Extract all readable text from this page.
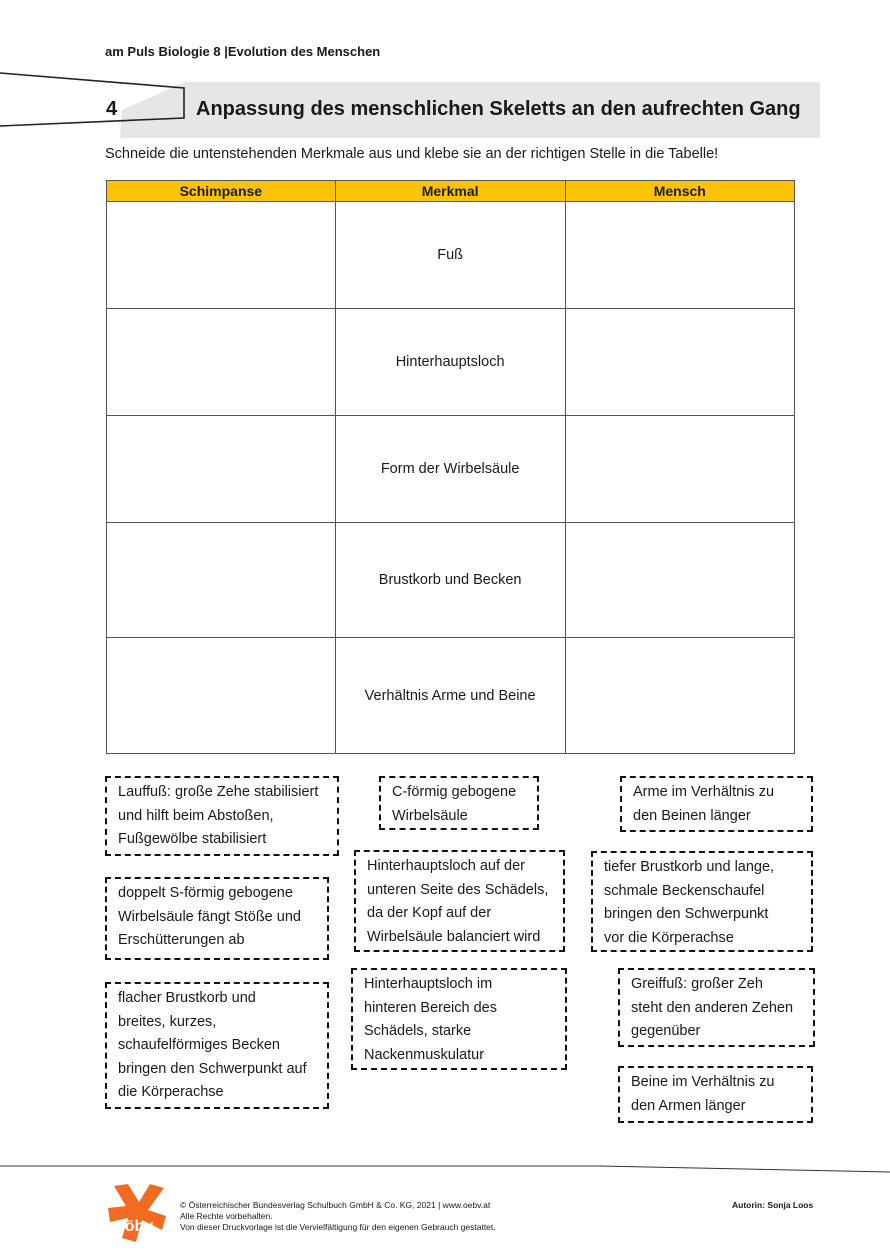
am Puls Biologie 8 |Evolution des Menschen
4	Anpassung des menschlichen Skeletts an den aufrechten Gang
Schneide die untenstehenden Merkmale aus und klebe sie an der richtigen Stelle in die Tabelle!
Schimpanse	Merkmal	Mensch
	Fuß	
	Hinterhauptsloch	
	Form der Wirbelsäule	
	Brustkorb und Becken	
	Verhältnis Arme und Beine	
Lauffuß: große Zehe stabilisiert
und hilft beim Abstoßen,
Fußgewölbe stabilisiert
C-förmig gebogene
Wirbelsäule
Arme im Verhältnis zu
den Beinen länger
Hinterhauptsloch auf der
unteren Seite des Schädels,
da der Kopf auf der
Wirbelsäule balanciert wird
tiefer Brustkorb und lange,
schmale Beckenschaufel
bringen den Schwerpunkt
vor die Körperachse
doppelt S-förmig gebogene
Wirbelsäule fängt Stöße und
Erschütterungen ab
Hinterhauptsloch im
hinteren Bereich des
Schädels, starke
Nackenmuskulatur
Greiffuß: großer Zeh
steht den anderen Zehen
gegenüber
flacher Brustkorb und
breites, kurzes,
schaufelförmiges Becken
bringen den Schwerpunkt auf
die Körperachse
Beine im Verhältnis zu
den Armen länger
öbv
© Österreichischer Bundesverlag Schulbuch GmbH & Co. KG, 2021 | www.oebv.at
Alle Rechte vorbehalten.
Von dieser Druckvorlage ist die Vervielfältigung für den eigenen Gebrauch gestattet.
Autorin: Sonja Loos
